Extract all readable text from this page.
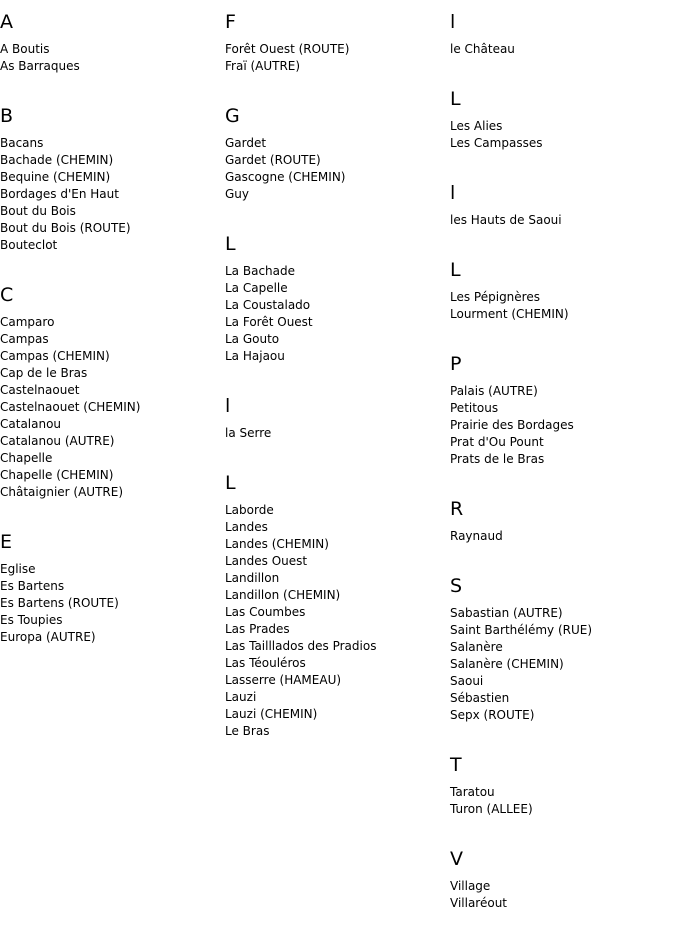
A
A Boutis
As Barraques
B
Bacans
Bachade (CHEMIN)
Bequine (CHEMIN)
Bordages d'En Haut
Bout du Bois
Bout du Bois (ROUTE)
Bouteclot
C
Camparo
Campas
Campas (CHEMIN)
Cap de le Bras
Castelnaouet
Castelnaouet (CHEMIN)
Catalanou
Catalanou (AUTRE)
Chapelle
Chapelle (CHEMIN)
Châtaignier (AUTRE)
E
Eglise
Es Bartens
Es Bartens (ROUTE)
Es Toupies
Europa (AUTRE)
F
Forêt Ouest (ROUTE)
Fraï (AUTRE)
G
Gardet
Gardet (ROUTE)
Gascogne (CHEMIN)
Guy
L
La Bachade
La Capelle
La Coustalado
La Forêt Ouest
La Gouto
La Hajaou
l
la Serre
L
Laborde
Landes
Landes (CHEMIN)
Landes Ouest
Landillon
Landillon (CHEMIN)
Las Coumbes
Las Prades
Las Tailllados des Pradios
Las Téouléros
Lasserre (HAMEAU)
Lauzi
Lauzi (CHEMIN)
Le Bras
l
le Château
L
Les Alies
Les Campasses
l
les Hauts de Saoui
L
Les Pépignères
Lourment (CHEMIN)
P
Palais (AUTRE)
Petitous
Prairie des Bordages
Prat d'Ou Pount
Prats de le Bras
R
Raynaud
S
Sabastian (AUTRE)
Saint Barthélémy (RUE)
Salanère
Salanère (CHEMIN)
Saoui
Sébastien
Sepx (ROUTE)
T
Taratou
Turon (ALLEE)
V
Village
Villaréout
